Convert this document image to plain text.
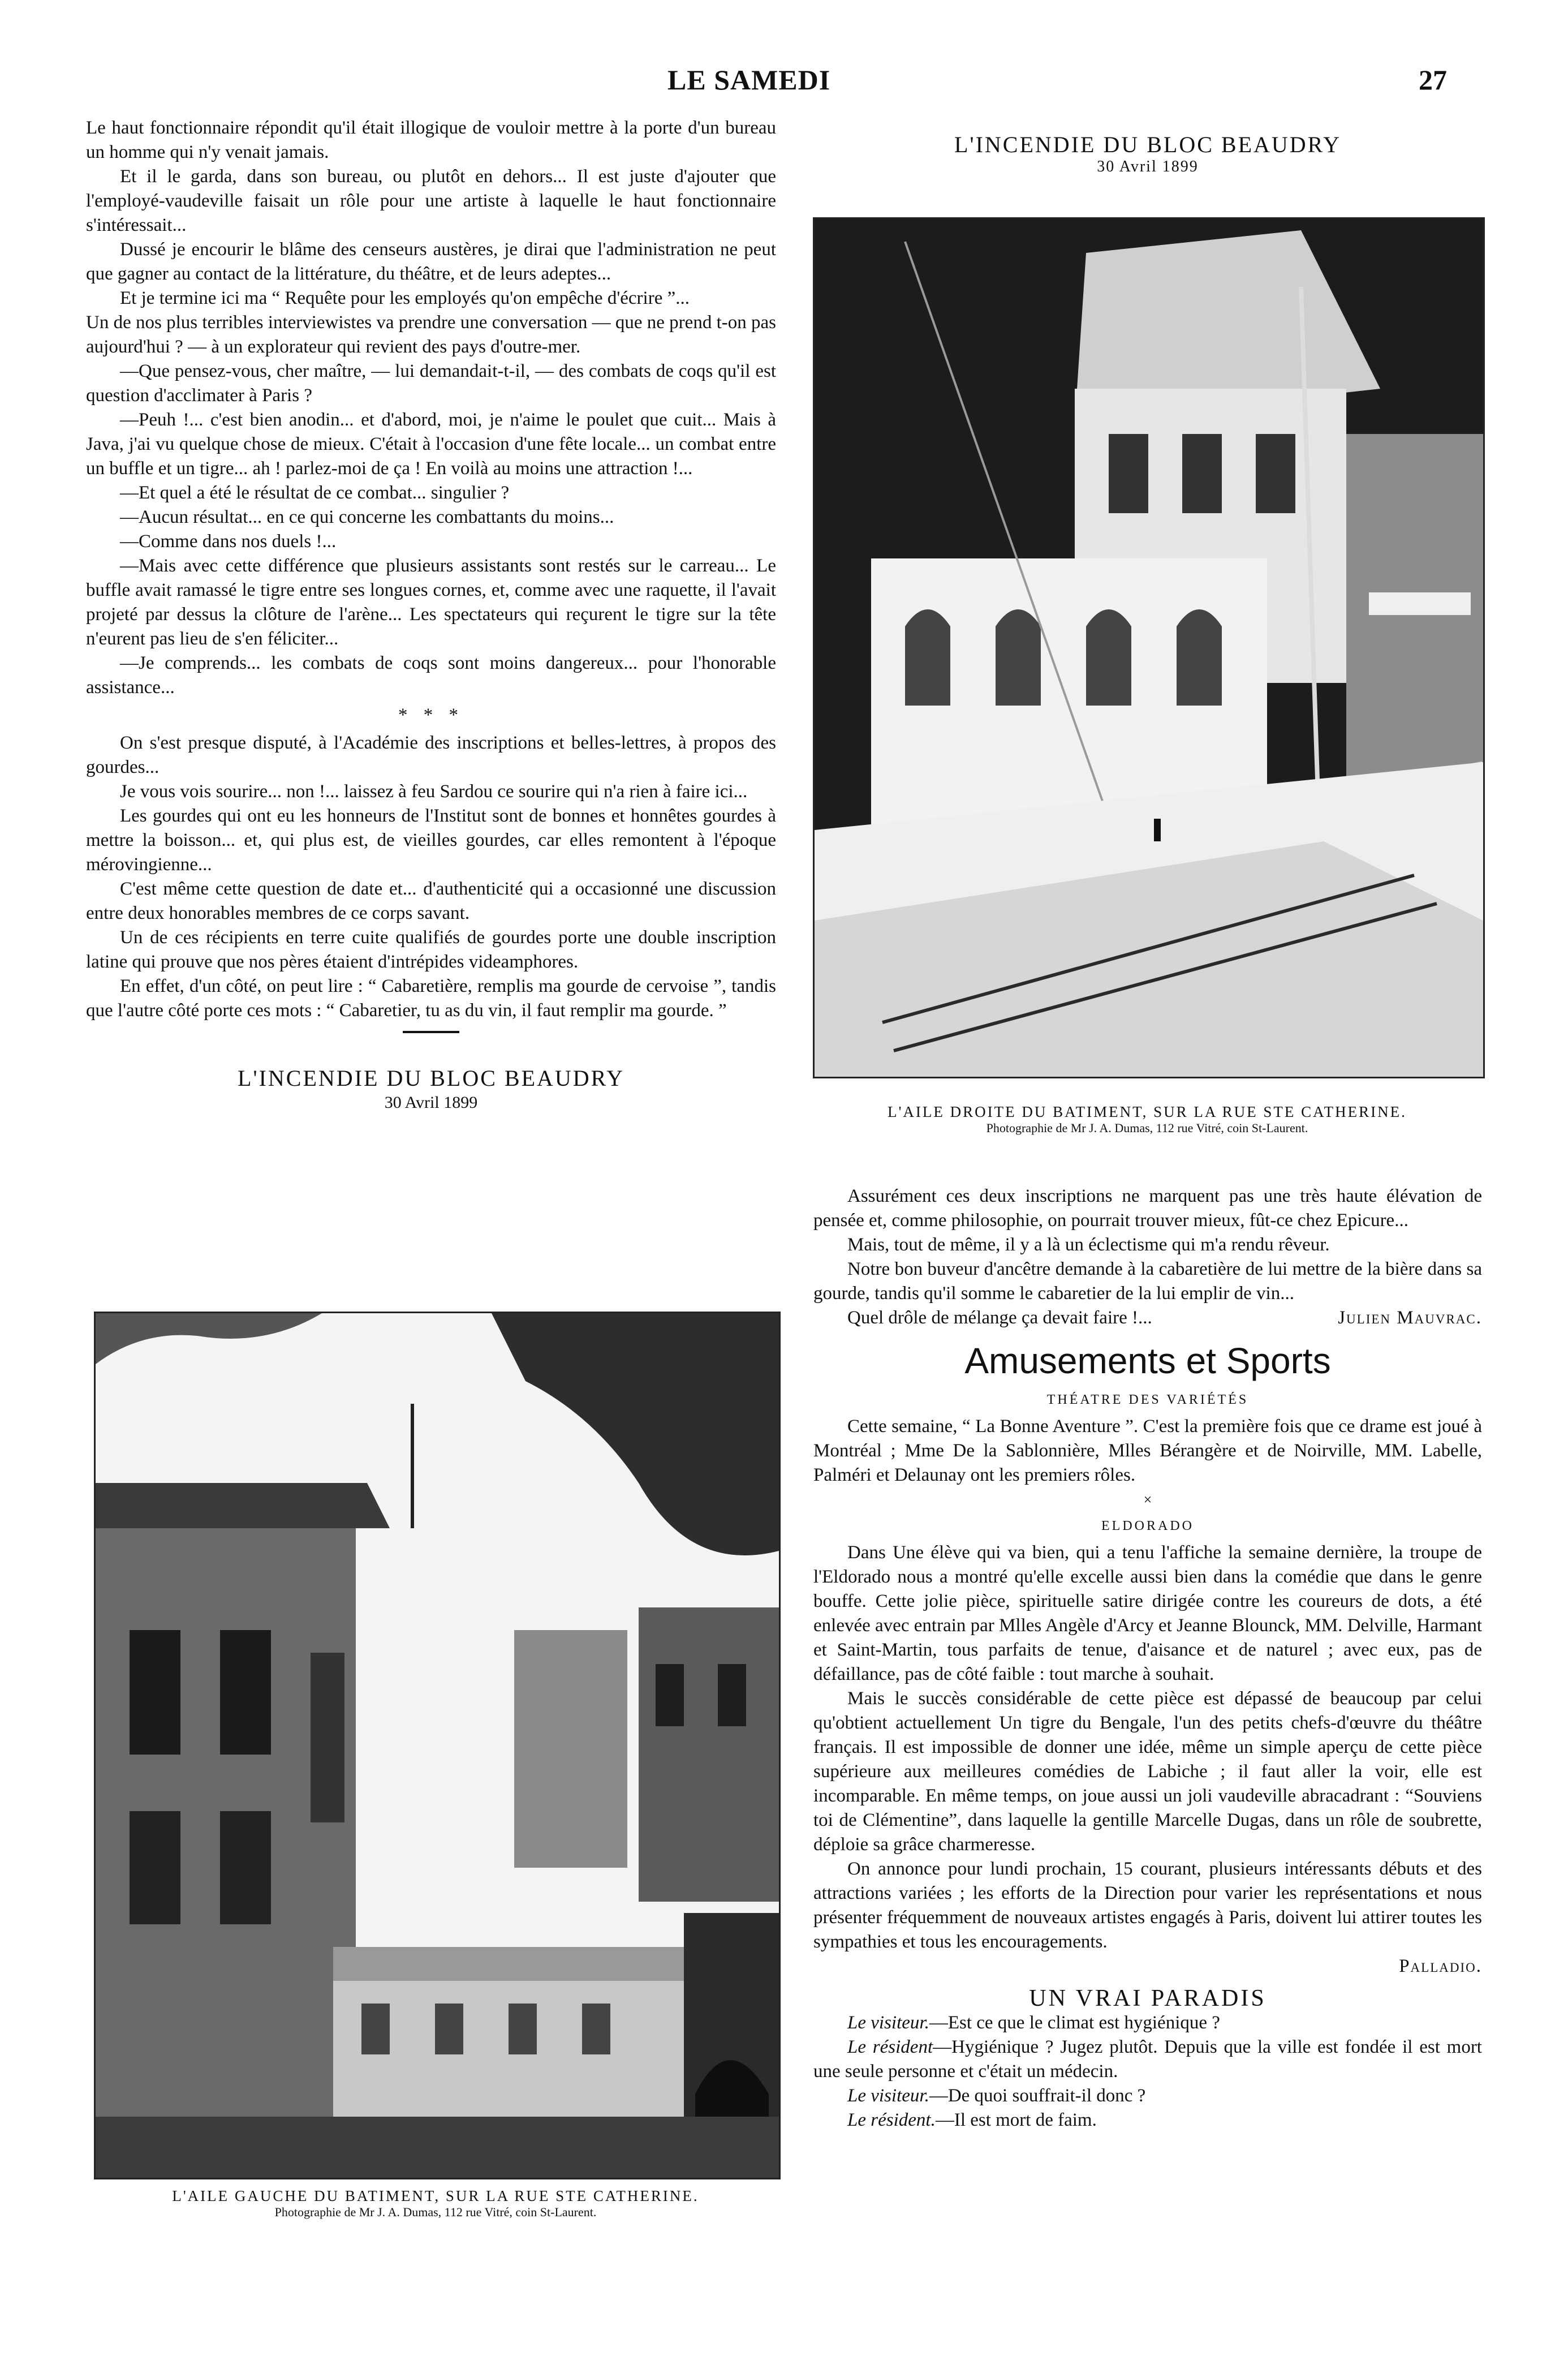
LE SAMEDI	27

Le haut fonctionnaire répondit qu'il était illogique de vouloir mettre à la porte d'un bureau un homme qui n'y venait jamais.

Et il le garda, dans son bureau, ou plutôt en dehors... Il est juste d'ajouter que l'employé-vaudeville faisait un rôle pour une artiste à laquelle le haut fonctionnaire s'intéressait...

Dussé je encourir le blâme des censeurs austères, je dirai que l'administration ne peut que gagner au contact de la littérature, du théâtre, et de leurs adeptes...

Et je termine ici ma “ Requête pour les employés qu'on empêche d'écrire ”...

Un de nos plus terribles interviewistes va prendre une conversation — que ne prend t-on pas aujourd'hui ? — à un explorateur qui revient des pays d'outre-mer.

—Que pensez-vous, cher maître, — lui demandait-t-il, — des combats de coqs qu'il est question d'acclimater à Paris ?

—Peuh !... c'est bien anodin... et d'abord, moi, je n'aime le poulet que cuit... Mais à Java, j'ai vu quelque chose de mieux. C'était à l'occasion d'une fête locale... un combat entre un buffle et un tigre... ah ! parlez-moi de ça ! En voilà au moins une attraction !...

—Et quel a été le résultat de ce combat... singulier ?

—Aucun résultat... en ce qui concerne les combattants du moins...

—Comme dans nos duels !...

—Mais avec cette différence que plusieurs assistants sont restés sur le carreau... Le buffle avait ramassé le tigre entre ses longues cornes, et, comme avec une raquette, il l'avait projeté par dessus la clôture de l'arène... Les spectateurs qui reçurent le tigre sur la tête n'eurent pas lieu de s'en féliciter...

—Je comprends... les combats de coqs sont moins dangereux... pour l'honorable assistance...

* * *

On s'est presque disputé, à l'Académie des inscriptions et belles-lettres, à propos des gourdes...

Je vous vois sourire... non !... laissez à feu Sardou ce sourire qui n'a rien à faire ici...

Les gourdes qui ont eu les honneurs de l'Institut sont de bonnes et honnêtes gourdes à mettre la boisson... et, qui plus est, de vieilles gourdes, car elles remontent à l'époque mérovingienne...

C'est même cette question de date et... d'authenticité qui a occasionné une discussion entre deux honorables membres de ce corps savant.

Un de ces récipients en terre cuite qualifiés de gourdes porte une double inscription latine qui prouve que nos pères étaient d'intrépides videamphores.

En effet, d'un côté, on peut lire : “ Cabaretière, remplis ma gourde de cervoise ”, tandis que l'autre côté porte ces mots : “ Cabaretier, tu as du vin, il faut remplir ma gourde. ”

L'INCENDIE DU BLOC BEAUDRY

30 Avril 1899

L'AILE GAUCHE DU BATIMENT, SUR LA RUE STE CATHERINE.
Photographie de Mr J. A. Dumas, 112 rue Vitré, coin St-Laurent.
L'INCENDIE DU BLOC BEAUDRY
30 Avril 1899
L'AILE DROITE DU BATIMENT, SUR LA RUE STE CATHERINE.
Photographie de Mr J. A. Dumas, 112 rue Vitré, coin St-Laurent.

Assurément ces deux inscriptions ne marquent pas une très haute élévation de pensée et, comme philosophie, on pourrait trouver mieux, fût-ce chez Epicure...

Mais, tout de même, il y a là un éclectisme qui m'a rendu rêveur.

Notre bon buveur d'ancêtre demande à la cabaretière de lui mettre de la bière dans sa gourde, tandis qu'il somme le cabaretier de la lui emplir de vin...

Quel drôle de mélange ça devait faire !...	Julien Mauvrac.

Amusements et Sports

THÉATRE DES VARIÉTÉS

Cette semaine, “ La Bonne Aventure ”. C'est la première fois que ce drame est joué à Montréal ; Mme De la Sablonnière, Mlles Bérangère et de Noirville, MM. Labelle, Palméri et Delaunay ont les premiers rôles.

×

ELDORADO

Dans Une élève qui va bien, qui a tenu l'affiche la semaine dernière, la troupe de l'Eldorado nous a montré qu'elle excelle aussi bien dans la comédie que dans le genre bouffe. Cette jolie pièce, spirituelle satire dirigée contre les coureurs de dots, a été enlevée avec entrain par Mlles Angèle d'Arcy et Jeanne Blounck, MM. Delville, Harmant et Saint-Martin, tous parfaits de tenue, d'aisance et de naturel ; avec eux, pas de défaillance, pas de côté faible : tout marche à souhait.

Mais le succès considérable de cette pièce est dépassé de beaucoup par celui qu'obtient actuellement Un tigre du Bengale, l'un des petits chefs-d'œuvre du théâtre français. Il est impossible de donner une idée, même un simple aperçu de cette pièce supérieure aux meilleures comédies de Labiche ; il faut aller la voir, elle est incomparable. En même temps, on joue aussi un joli vaudeville abracadrant : “Souviens toi de Clémentine”, dans laquelle la gentille Marcelle Dugas, dans un rôle de soubrette, déploie sa grâce charmeresse.

On annonce pour lundi prochain, 15 courant, plusieurs intéressants débuts et des attractions variées ; les efforts de la Direction pour varier les représentations et nous présenter fréquemment de nouveaux artistes engagés à Paris, doivent lui attirer toutes les sympathies et tous les encouragements.

Palladio.

UN VRAI PARADIS

Le visiteur.—Est ce que le climat est hygiénique ?

Le résident—Hygiénique ? Jugez plutôt. Depuis que la ville est fondée il est mort une seule personne et c'était un médecin.

Le visiteur.—De quoi souffrait-il donc ?

Le résident.—Il est mort de faim.
